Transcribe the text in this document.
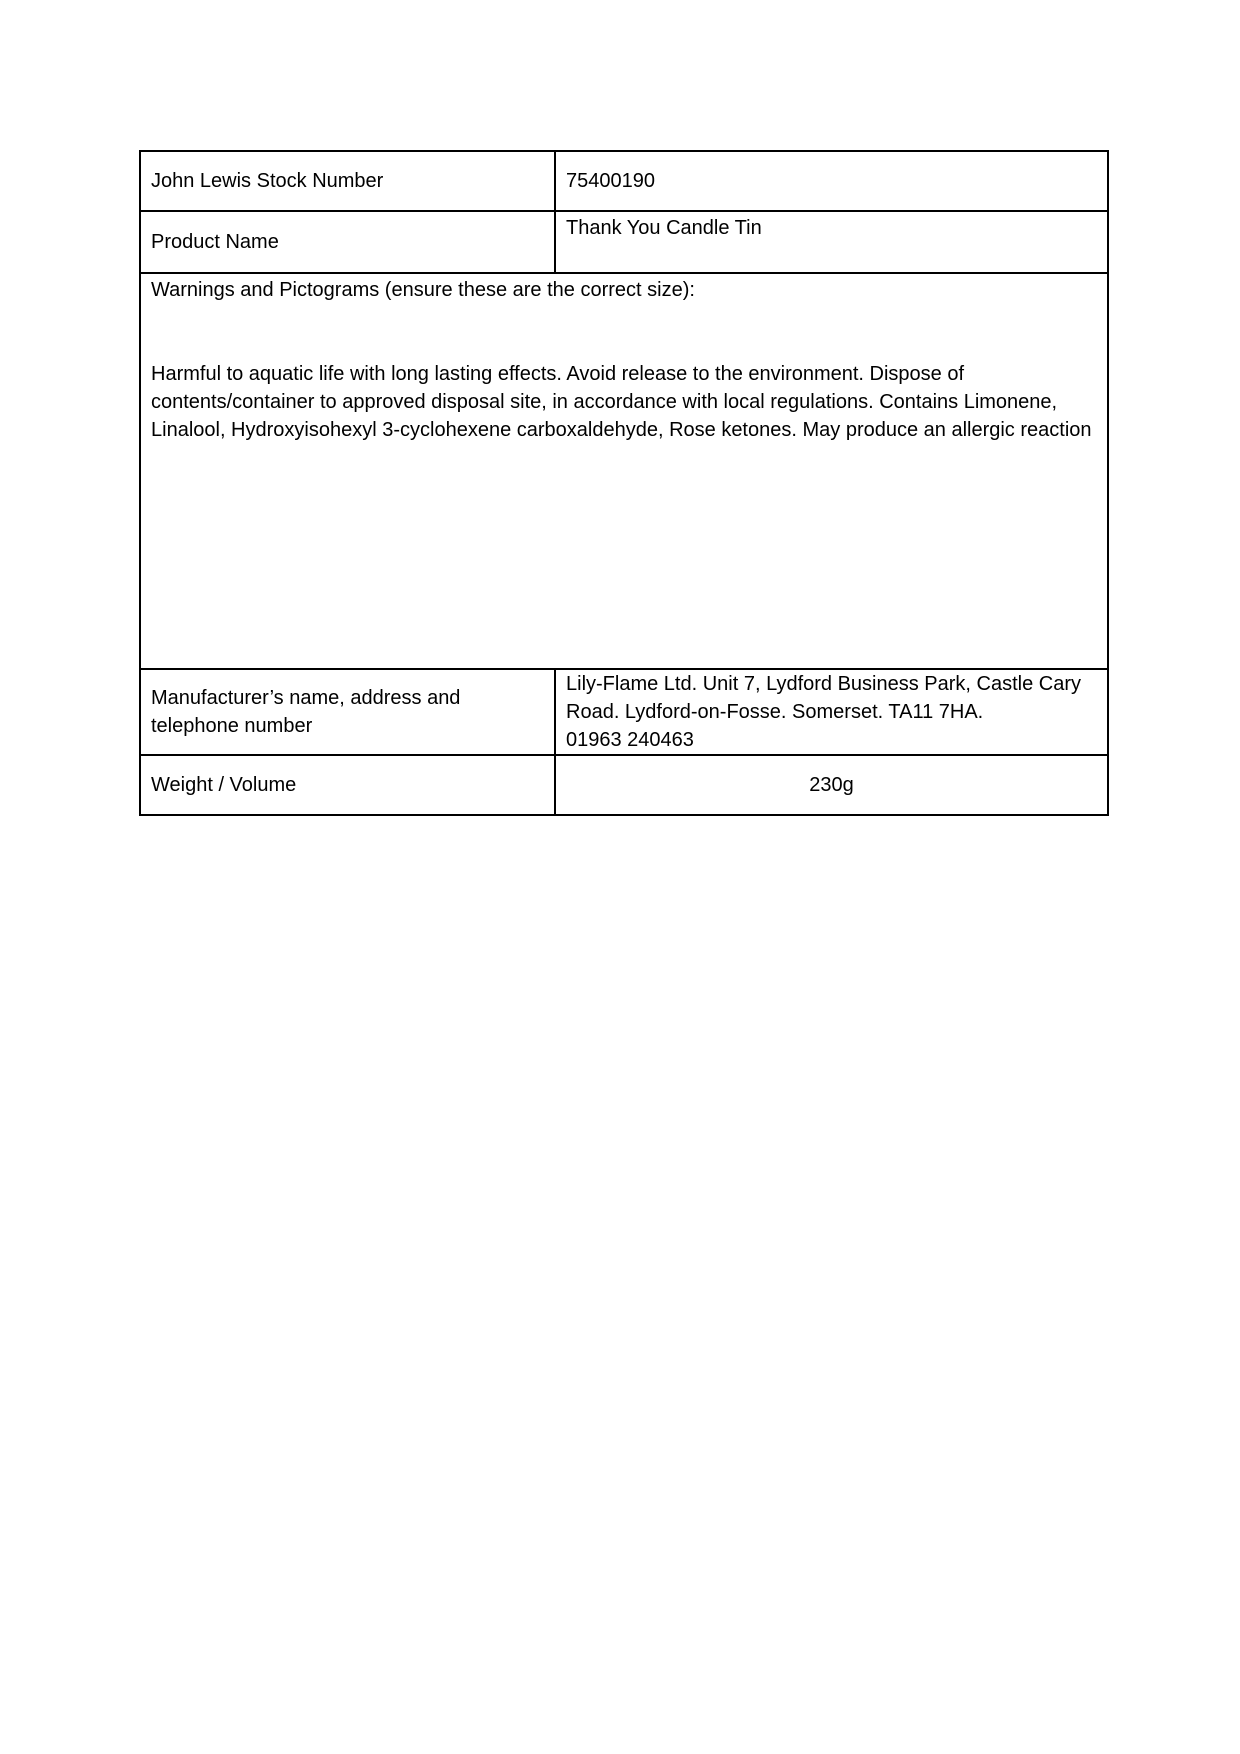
John Lewis Stock Number	75400190
Product Name	Thank You Candle Tin

Warnings and Pictograms (ensure these are the correct size):
Harmful to aquatic life with long lasting effects. Avoid release to the environment. Dispose of contents/container to approved disposal site, in accordance with local regulations. Contains Limonene, Linalool, Hydroxyisohexyl 3-cyclohexene carboxaldehyde, Rose ketones. May produce an allergic reaction	

Manufacturer’s name, address and telephone number	Lily-Flame Ltd. Unit 7, Lydford Business Park, Castle Cary Road. Lydford-on-Fosse. Somerset. TA11 7HA.
01963 240463

Weight / Volume	230g
